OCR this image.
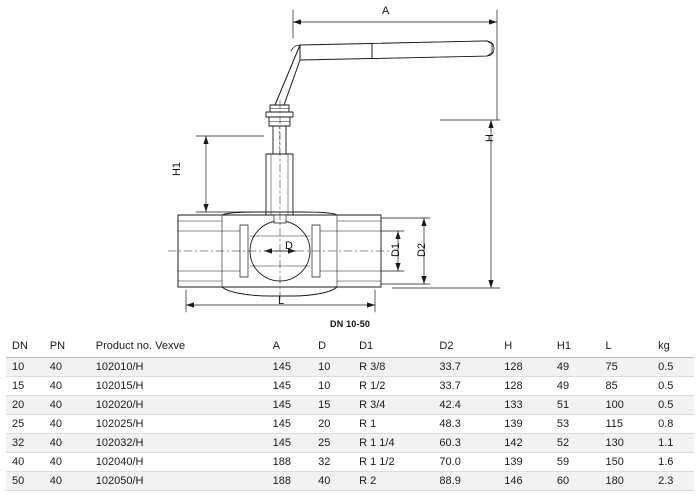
A
H
H1
D	D1 D2
L
DN 10-50
DN	PN	Product no. Vexve	A	D	D1	D2	H	H1	L	kg
10	40	102010/H	145	10	R 3/8	33.7	128	49	75	0.5
15	40	102015/H	145	10	R 1/2	33.7	128	49	85	0.5
20	40	102020/H	145	15	R 3/4	42.4	133	51	100	0.5
25	40	102025/H	145	20	R 1	48.3	139	53	115	0.8
32	40	102032/H	145	25	R 1 1/4	60.3	142	52	130	1.1
40	40	102040/H	188	32	R 1 1/2	70.0	139	59	150	1.6
50	40	102050/H	188	40	R 2	88.9	146	60	180	2.3
